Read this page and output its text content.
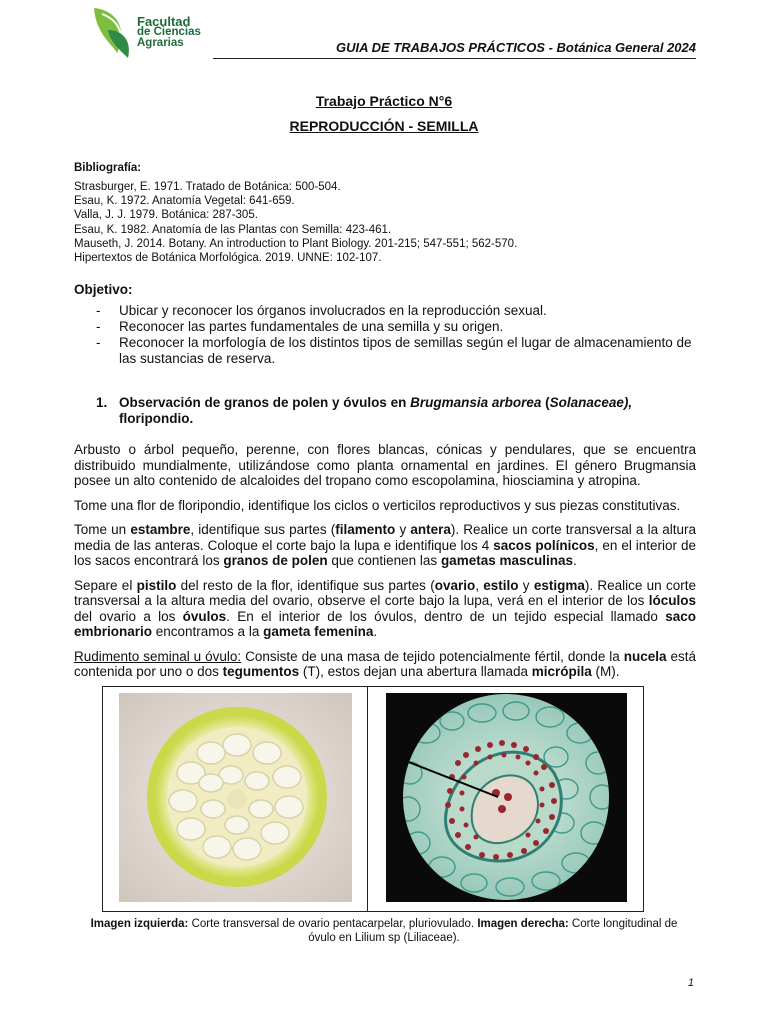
Facultad
de Ciencias
Agrarias	GUIA DE TRABAJOS PRÁCTICOS - Botánica General 2024
Trabajo Práctico N°6
REPRODUCCIÓN - SEMILLA
Bibliografía:
Strasburger, E. 1971. Tratado de Botánica: 500-504.
Esau, K. 1972. Anatomía Vegetal: 641-659.
Valla, J. J. 1979. Botánica: 287-305.
Esau, K. 1982. Anatomía de las Plantas con Semilla: 423-461.
Mauseth, J. 2014. Botany. An introduction to Plant Biology. 201-215; 547-551; 562-570.
Hipertextos de Botánica Morfológica. 2019. UNNE: 102-107.
Objetivo:
- Ubicar y reconocer los órganos involucrados en la reproducción sexual.
- Reconocer las partes fundamentales de una semilla y su origen.
- Reconocer la morfología de los distintos tipos de semillas según el lugar de almacenamiento de las sustancias de reserva.
1. Observación de granos de polen y óvulos en Brugmansia arborea (Solanaceae), floripondio.

Arbusto o árbol pequeño, perenne, con flores blancas, cónicas y pendulares, que se encuentra distribuido mundialmente, utilizándose como planta ornamental en jardines. El género Brugmansia posee un alto contenido de alcaloides del tropano como escopolamina, hiosciamina y atropina.

Tome una flor de floripondio, identifique los ciclos o verticilos reproductivos y sus piezas constitutivas.

Tome un estambre, identifique sus partes (filamento y antera). Realice un corte transversal a la altura media de las anteras. Coloque el corte bajo la lupa e identifique los 4 sacos polínicos, en el interior de los sacos encontrará los granos de polen que contienen las gametas masculinas.

Separe el pistilo del resto de la flor, identifique sus partes (ovario, estilo y estigma). Realice un corte transversal a la altura media del ovario, observe el corte bajo la lupa, verá en el interior de los lóculos del ovario a los óvulos. En el interior de los óvulos, dentro de un tejido especial llamado saco embrionario encontramos a la gameta femenina.

Rudimento seminal u óvulo: Consiste de una masa de tejido potencialmente fértil, donde la nucela está contenida por uno o dos tegumentos (T), estos dejan una abertura llamada micrópila (M).

Imagen izquierda: Corte transversal de ovario pentacarpelar, pluriovulado. Imagen derecha: Corte longitudinal de óvulo en Lilium sp (Liliaceae).
1
